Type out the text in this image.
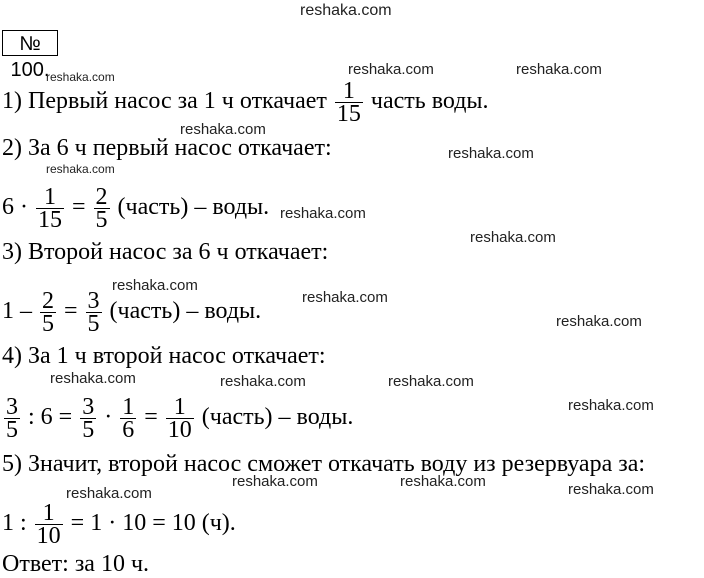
reshaka.com
№ 100.
reshaka.com	reshaka.com	reshaka.com
reshaka.com
reshaka.com
reshaka.com
reshaka.com
reshaka.com
reshaka.com
reshaka.com
reshaka.com
reshaka.com	reshaka.com	reshaka.com
reshaka.com
reshaka.com	reshaka.com	reshaka.com
reshaka.com
1) Первый насос за 1 ч откачает $\frac{1}{15}$ часть воды.
2) За 6 ч первый насос откачает:
$6 \cdot \frac{1}{15} = \frac{2}{5}$ (часть) – воды.
3) Второй насос за 6 ч откачает:
$1 - \frac{2}{5} = \frac{3}{5}$ (часть) – воды.
4) За 1 ч второй насос откачает:
$\frac{3}{5}$ : $6 = \frac{3}{5} \cdot \frac{1}{6} = \frac{1}{10}$ (часть) – воды.
5) Значит, второй насос сможет откачать воду из резервуара за:
1 : $\frac{1}{10} = 1 \cdot 10 = 10$ (ч).
Ответ: за 10 ч.
